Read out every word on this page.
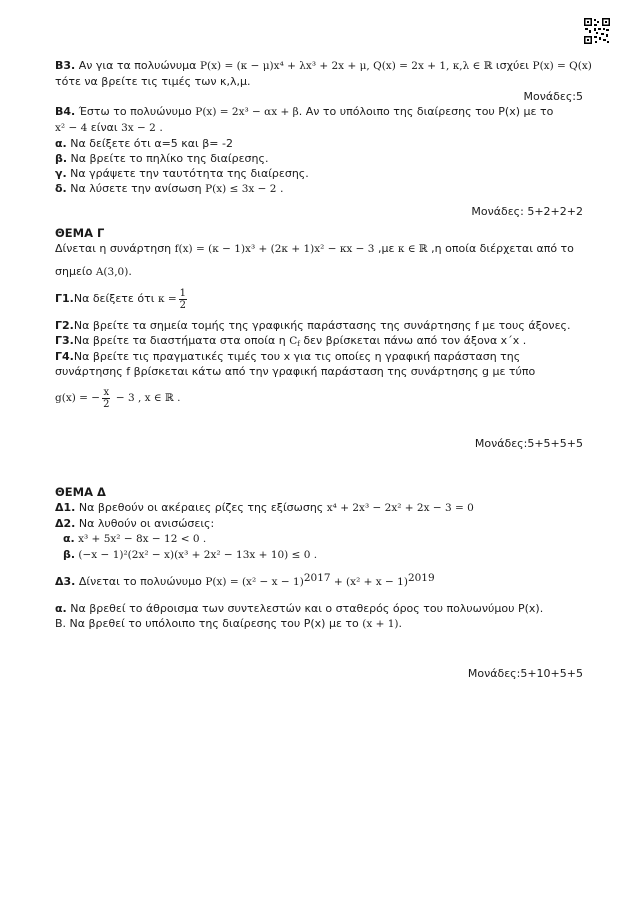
Β3. Αν για τα πολυώνυμα P(x) = (κ − μ)x⁴ + λx³ + 2x + μ, Q(x) = 2x + 1, κ,λ ∈ ℝ ισχύει P(x) = Q(x)
τότε να βρείτε τις τιμές των κ,λ,μ.
Μονάδες:5
Β4. Έστω το πολυώνυμο P(x) = 2x³ − αx + β. Αν το υπόλοιπο της διαίρεσης του P(x) με το
x² − 4 είναι 3x − 2 .
α. Να δείξετε ότι α=5 και β= -2
β. Να βρείτε το πηλίκο της διαίρεσης.
γ. Να γράψετε την ταυτότητα της διαίρεσης.
δ. Να λύσετε την ανίσωση P(x) ≤ 3x − 2 .
Μονάδες: 5+2+2+2
ΘΕΜΑ Γ
Δίνεται η συνάρτηση f(x) = (κ − 1)x³ + (2κ + 1)x² − κx − 3 ,με κ ∈ ℝ ,η οποία διέρχεται από το
σημείο A(3,0).
Γ1.Να δείξετε ότι $\kappa = \frac{1}{2}$
Γ2.Να βρείτε τα σημεία τομής της γραφικής παράστασης της συνάρτησης f με τους άξονες.
Γ3.Να βρείτε τα διαστήματα στα οποία η $C_f$ δεν βρίσκεται πάνω από τον άξονα x΄x .
Γ4.Να βρείτε τις πραγματικές τιμές του x για τις οποίες η γραφική παράσταση της
συνάρτησης f βρίσκεται κάτω από την γραφική παράσταση της συνάρτησης g με τύπο
g(x) = − $\frac{x}{2} - 3$ , x ∈ ℝ .
Μονάδες:5+5+5+5
ΘΕΜΑ Δ
Δ1. Να βρεθούν οι ακέραιες ρίζες της εξίσωσης x⁴ + 2x³ − 2x² + 2x − 3 = 0
Δ2. Να λυθούν οι ανισώσεις:
α. x³ + 5x² − 8x − 12 < 0 .
β. (−x − 1)²(2x² − x)(x³ + 2x² − 13x + 10) ≤ 0 .
Δ3. Δίνεται το πολυώνυμο $P(x) = (x^2 - x - 1)^{2017} + (x^2 + x - 1)^{2019}$
α. Να βρεθεί το άθροισμα των συντελεστών και ο σταθερός όρος του πολυωνύμου P(x).
Β. Να βρεθεί το υπόλοιπο της διαίρεσης του P(x) με το (x + 1).
Μονάδες:5+10+5+5
